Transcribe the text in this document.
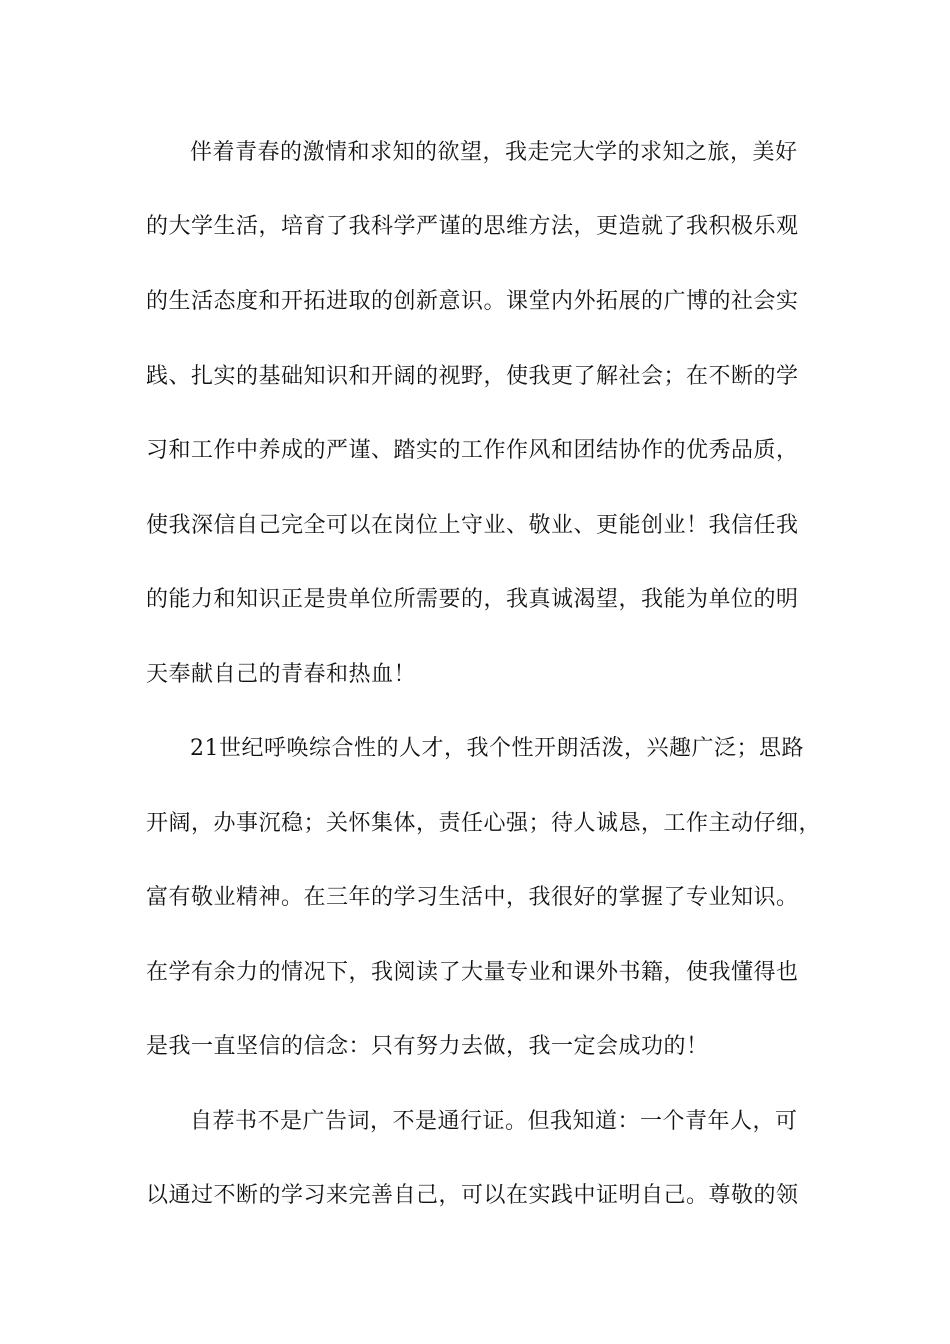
伴着青春的激情和求知的欲望，我走完大学的求知之旅，美好
的大学生活，培育了我科学严谨的思维方法，更造就了我积极乐观
的生活态度和开拓进取的创新意识。课堂内外拓展的广博的社会实
践、扎实的基础知识和开阔的视野，使我更了解社会；在不断的学
习和工作中养成的严谨、踏实的工作作风和团结协作的优秀品质，
使我深信自己完全可以在岗位上守业、敬业、更能创业！我信任我
的能力和知识正是贵单位所需要的，我真诚渴望，我能为单位的明
天奉献自己的青春和热血！
21世纪呼唤综合性的人才，我个性开朗活泼，兴趣广泛；思路
开阔，办事沉稳；关怀集体，责任心强；待人诚恳，工作主动仔细，
富有敬业精神。在三年的学习生活中，我很好的掌握了专业知识。
在学有余力的情况下，我阅读了大量专业和课外书籍，使我懂得也
是我一直坚信的信念：只有努力去做，我一定会成功的！
自荐书不是广告词，不是通行证。但我知道：一个青年人，可
以通过不断的学习来完善自己，可以在实践中证明自己。尊敬的领
